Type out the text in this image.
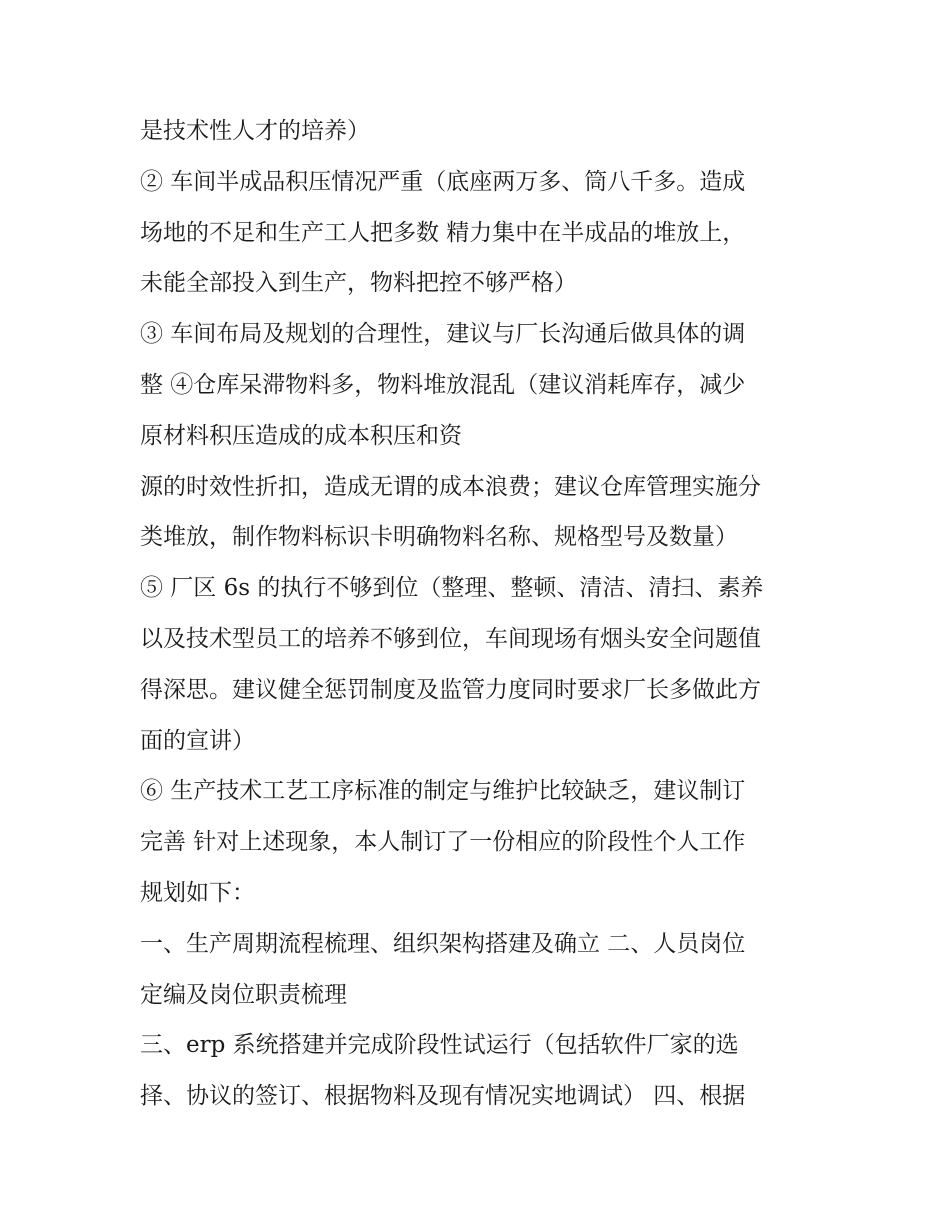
是技术性人才的培养）
② 车间半成品积压情况严重（底座两万多、筒八千多。造成
场地的不足和生产工人把多数 精力集中在半成品的堆放上，
未能全部投入到生产，物料把控不够严格）
③ 车间布局及规划的合理性，建议与厂长沟通后做具体的调
整 ④仓库呆滞物料多，物料堆放混乱（建议消耗库存，减少
原材料积压造成的成本积压和资
源的时效性折扣，造成无谓的成本浪费；建议仓库管理实施分
类堆放，制作物料标识卡明确物料名称、规格型号及数量）
⑤ 厂区 6s 的执行不够到位（整理、整顿、清洁、清扫、素养
以及技术型员工的培养不够到位，车间现场有烟头安全问题值
得深思。建议健全惩罚制度及监管力度同时要求厂长多做此方
面的宣讲）
⑥ 生产技术工艺工序标准的制定与维护比较缺乏，建议制订
完善 针对上述现象，本人制订了一份相应的阶段性个人工作
规划如下：
一、生产周期流程梳理、组织架构搭建及确立 二、人员岗位
定编及岗位职责梳理
三、erp 系统搭建并完成阶段性试运行（包括软件厂家的选
择、协议的签订、根据物料及现有情况实地调试） 四、根据
